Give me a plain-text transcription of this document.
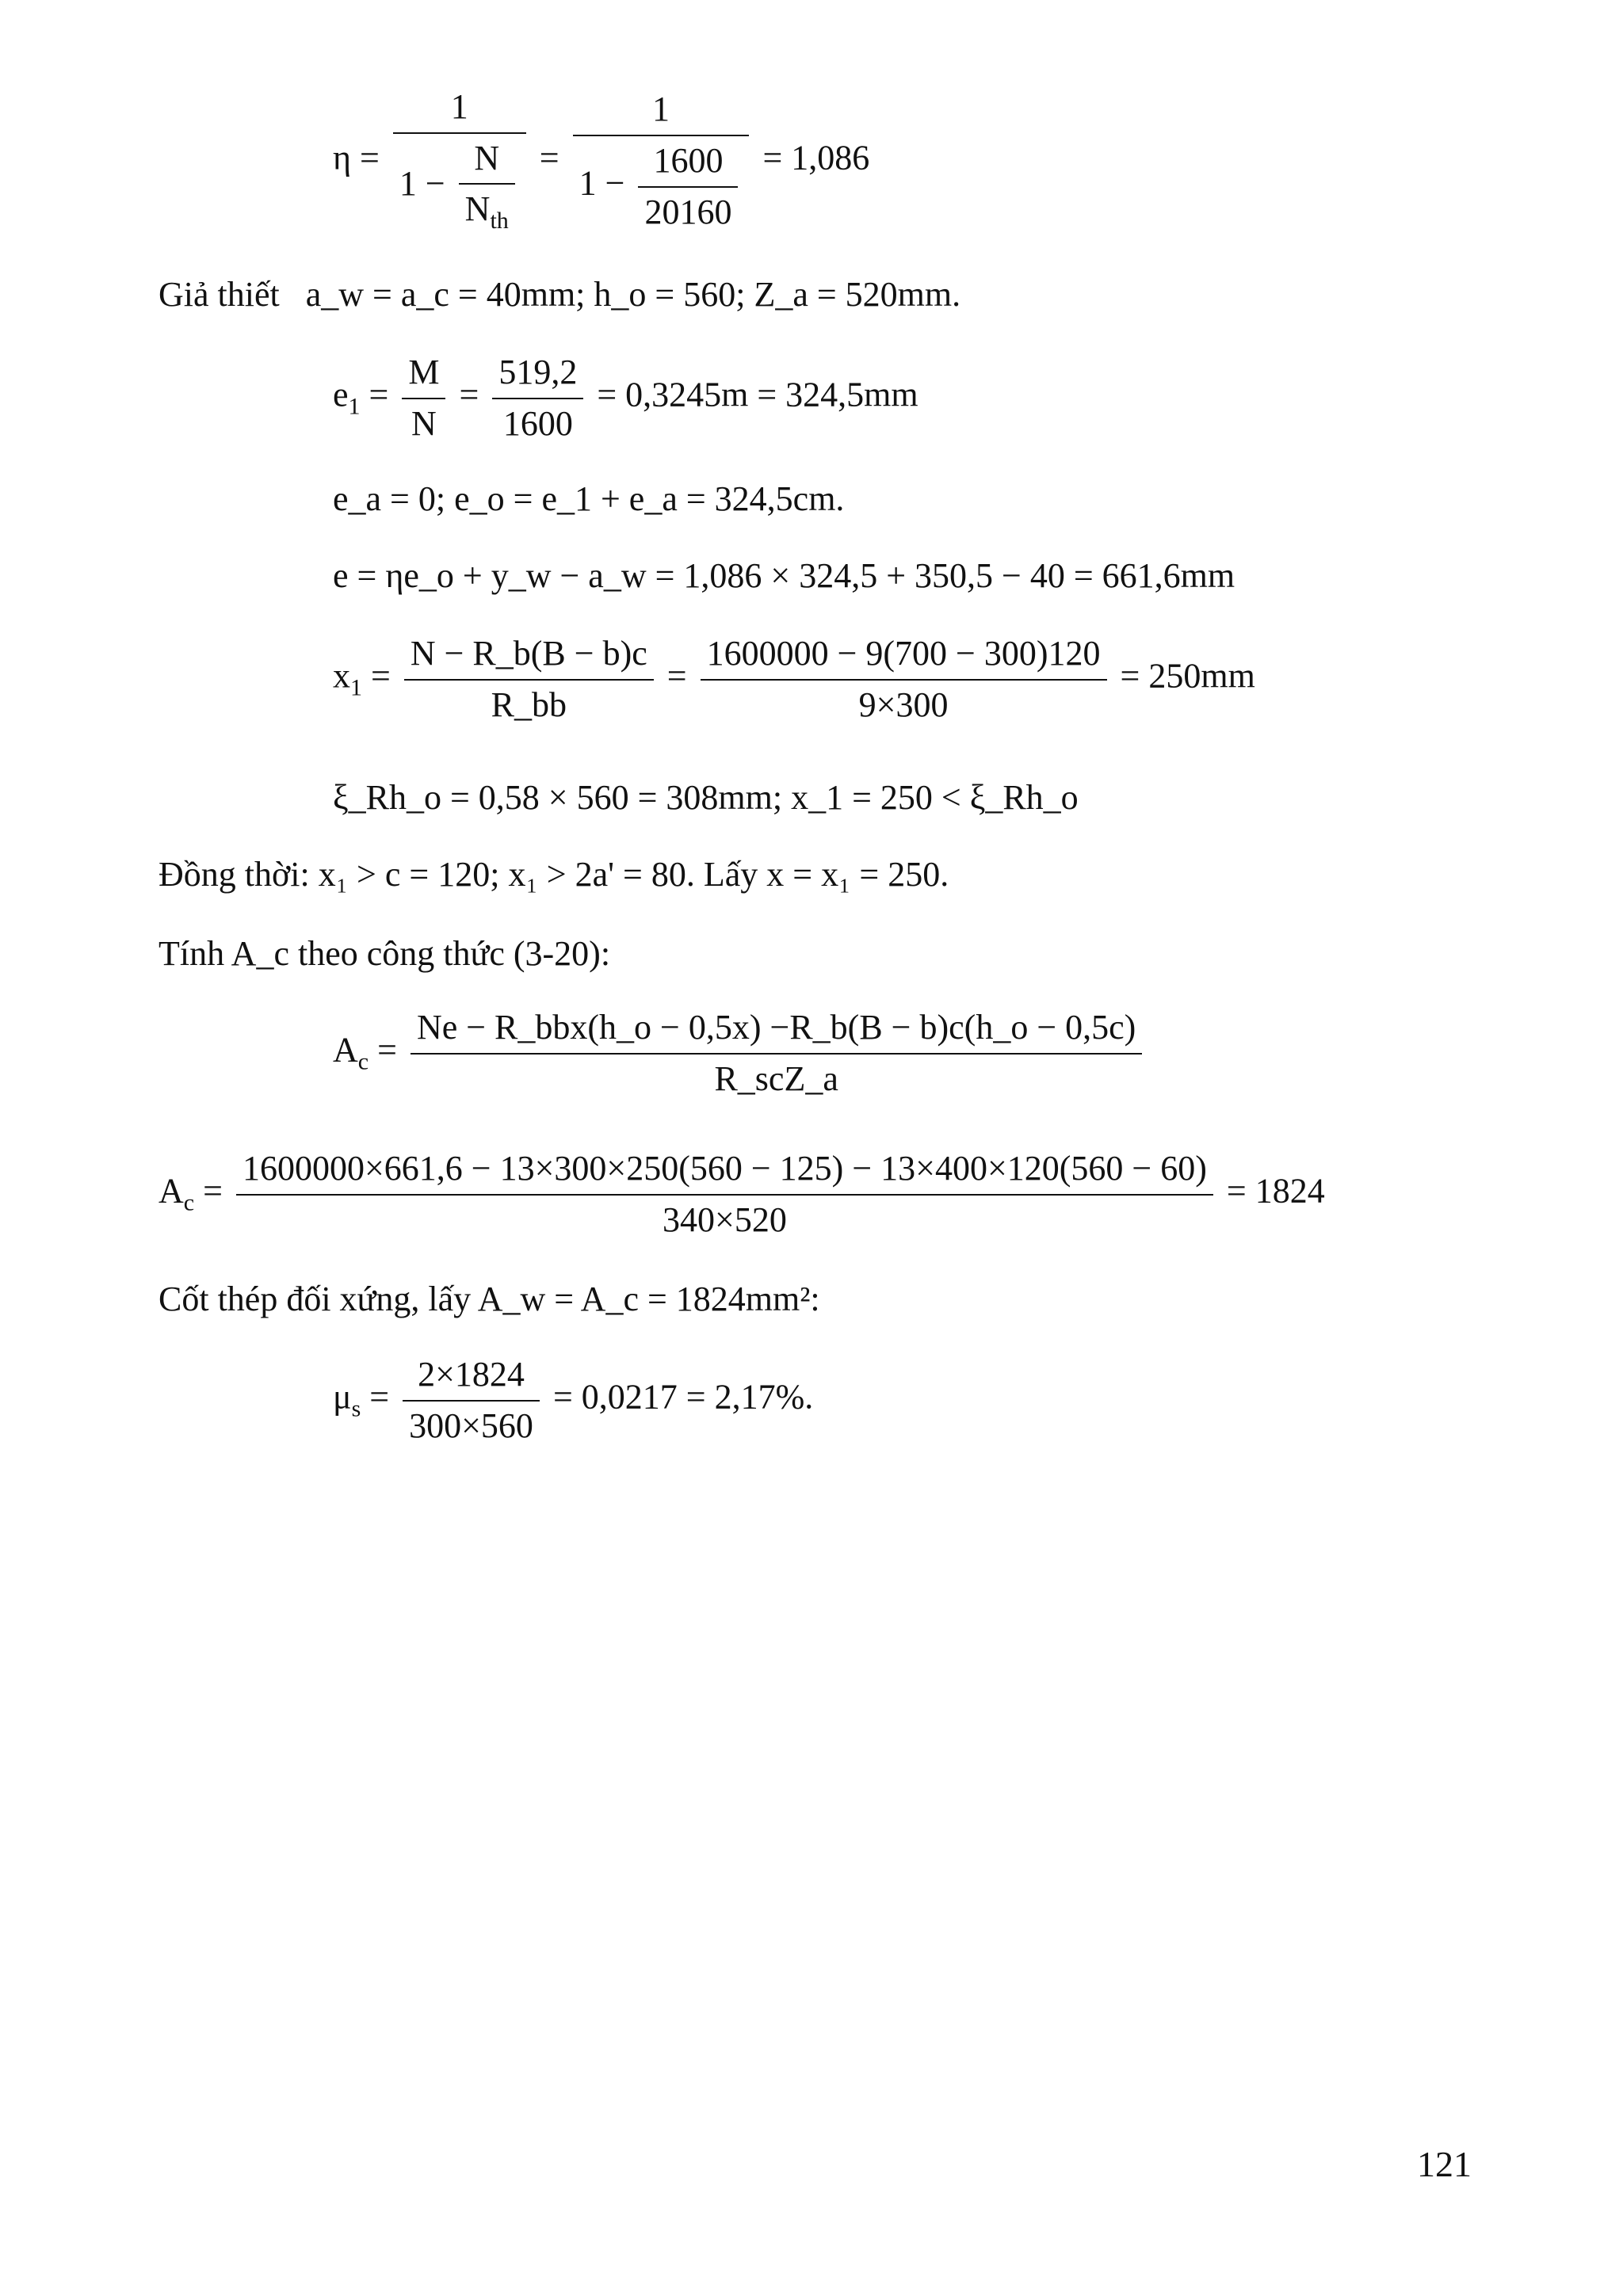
$\eta = \frac{1}{1 - \frac{N}{N_{th}}} = \frac{1}{1 - \frac{1600}{20160}} = 1,086$
Giả thiết a_w = a_c = 40mm; h_o = 560; Z_a = 520mm.
$e_1 = \frac{M}{N} = \frac{519,2}{1600} = 0,3245m = 324,5mm$
e_a = 0; e_o = e_1 + e_a = 324,5cm.
e = ηe_o + y_w − a_w = 1,086 × 324,5 + 350,5 − 40 = 661,6mm
$x_1 = \frac{N - R\_b(B - b)c}{R\_bb} = \frac{1600000 - 9(700 - 300)120}{9\times 300} = 250mm$
ξ_Rh_o = 0,58 × 560 = 308mm; x_1 = 250 < ξ_Rh_o
Đồng thời: x₁ > c = 120; x₁ > 2a' = 80. Lấy x = x₁ = 250.
Tính A_c theo công thức (3-20):
$A_c = \frac{\text{Ne − R\_bbx(h\_o − 0,5x) −R\_b(B − b)c(h\_o − 0,5c)}}{\text{R\_scZ\_a}}$
$A_c = \frac{1600000\times 661,6 - 13\times 300\times 250(560 - 125) - 13\times 400\times 120(560 - 60)}{340\times 520} = 1824$
Cốt thép đối xứng, lấy A_w = A_c = 1824mm²:
$\mu_s = \frac{2\times 1824}{300\times 560} = 0,0217 = 2,17\%$.
121
